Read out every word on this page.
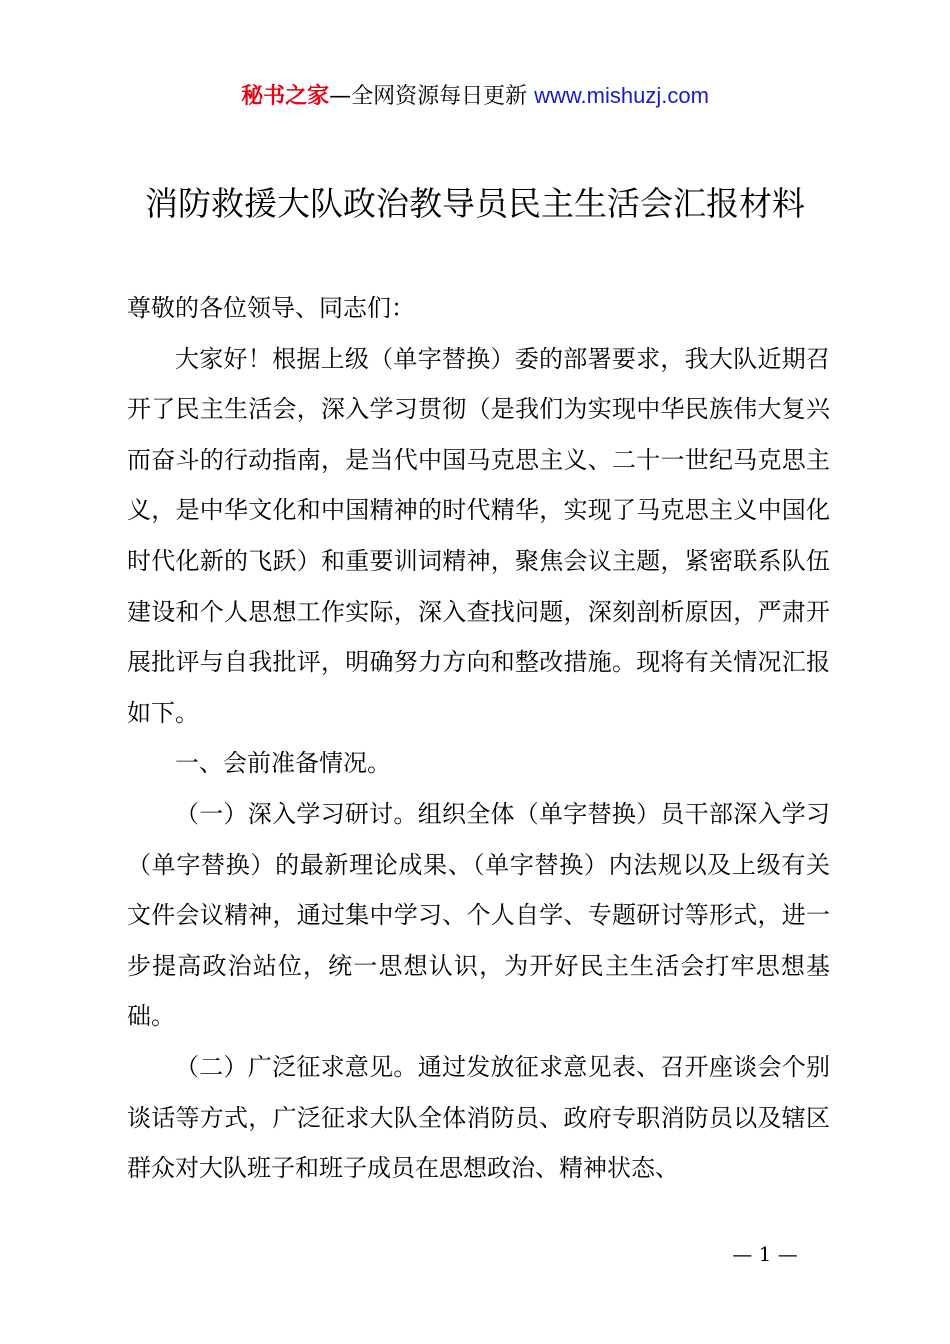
秘书之家—全网资源每日更新 www.mishuzj.com
消防救援大队政治教导员民主生活会汇报材料

尊敬的各位领导、同志们：

大家好！根据上级（单字替换）委的部署要求，我大队近期召开了民主生活会，深入学习贯彻（是我们为实现中华民族伟大复兴而奋斗的行动指南，是当代中国马克思主义、二十一世纪马克思主义，是中华文化和中国精神的时代精华，实现了马克思主义中国化时代化新的飞跃）和重要训词精神，聚焦会议主题，紧密联系队伍建设和个人思想工作实际，深入查找问题，深刻剖析原因，严肃开展批评与自我批评，明确努力方向和整改措施。现将有关情况汇报如下。

一、会前准备情况。

（一）深入学习研讨。组织全体（单字替换）员干部深入学习（单字替换）的最新理论成果、（单字替换）内法规以及上级有关文件会议精神，通过集中学习、个人自学、专题研讨等形式，进一步提高政治站位，统一思想认识，为开好民主生活会打牢思想基础。

（二）广泛征求意见。通过发放征求意见表、召开座谈会个别谈话等方式，广泛征求大队全体消防员、政府专职消防员以及辖区群众对大队班子和班子成员在思想政治、精神状态、

— 1 —
